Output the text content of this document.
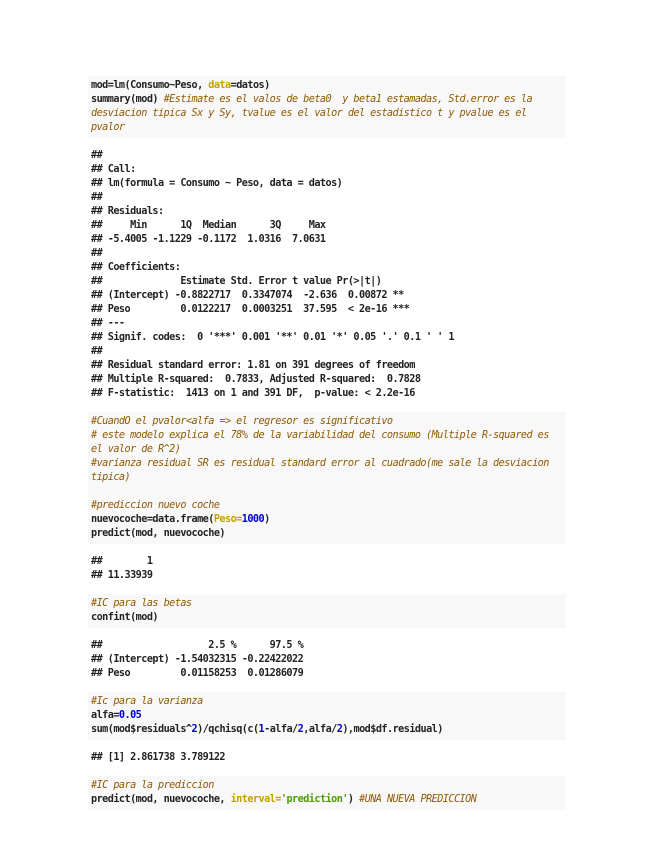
mod=lm(Consumo~Peso, data=datos)
summary(mod) #Estimate es el valos de beta0  y beta1 estamadas, Std.error es la desviacion tipica Sx y Sy, tvalue es el valor del estadistico t y pvalue es el pvalor
##
## Call:
## lm(formula = Consumo ~ Peso, data = datos)
##
## Residuals:
##     Min      1Q  Median      3Q     Max
## -5.4005 -1.1229 -0.1172  1.0316  7.0631
##
## Coefficients:
##              Estimate Std. Error t value Pr(>|t|)
## (Intercept) -0.8822717  0.3347074  -2.636  0.00872 **
## Peso         0.0122217  0.0003251  37.595  < 2e-16 ***
## ---
## Signif. codes:  0 '***' 0.001 '**' 0.01 '*' 0.05 '.' 0.1 ' ' 1
##
## Residual standard error: 1.81 on 391 degrees of freedom
## Multiple R-squared:  0.7833, Adjusted R-squared:  0.7828
## F-statistic:  1413 on 1 and 391 DF,  p-value: < 2.2e-16
#CuandO el pvalor<alfa => el regresor es significativo
# este modelo explica el 78% de la variabilidad del consumo (Multiple R-squared es el valor de R^2)
#varianza residual SR es residual standard error al cuadrado(me sale la desviacion tipica)

#prediccion nuevo coche
nuevocoche=data.frame(Peso=1000)
predict(mod, nuevocoche)
##        1
## 11.33939
#IC para las betas
confint(mod)
##                   2.5 %      97.5 %
## (Intercept) -1.54032315 -0.22422022
## Peso         0.01158253  0.01286079
#Ic para la varianza
alfa=0.05
sum(mod$residuals^2)/qchisq(c(1-alfa/2,alfa/2),mod$df.residual)
## [1] 2.861738 3.789122
#IC para la prediccion
predict(mod, nuevocoche, interval='prediction') #UNA NUEVA PREDICCION
